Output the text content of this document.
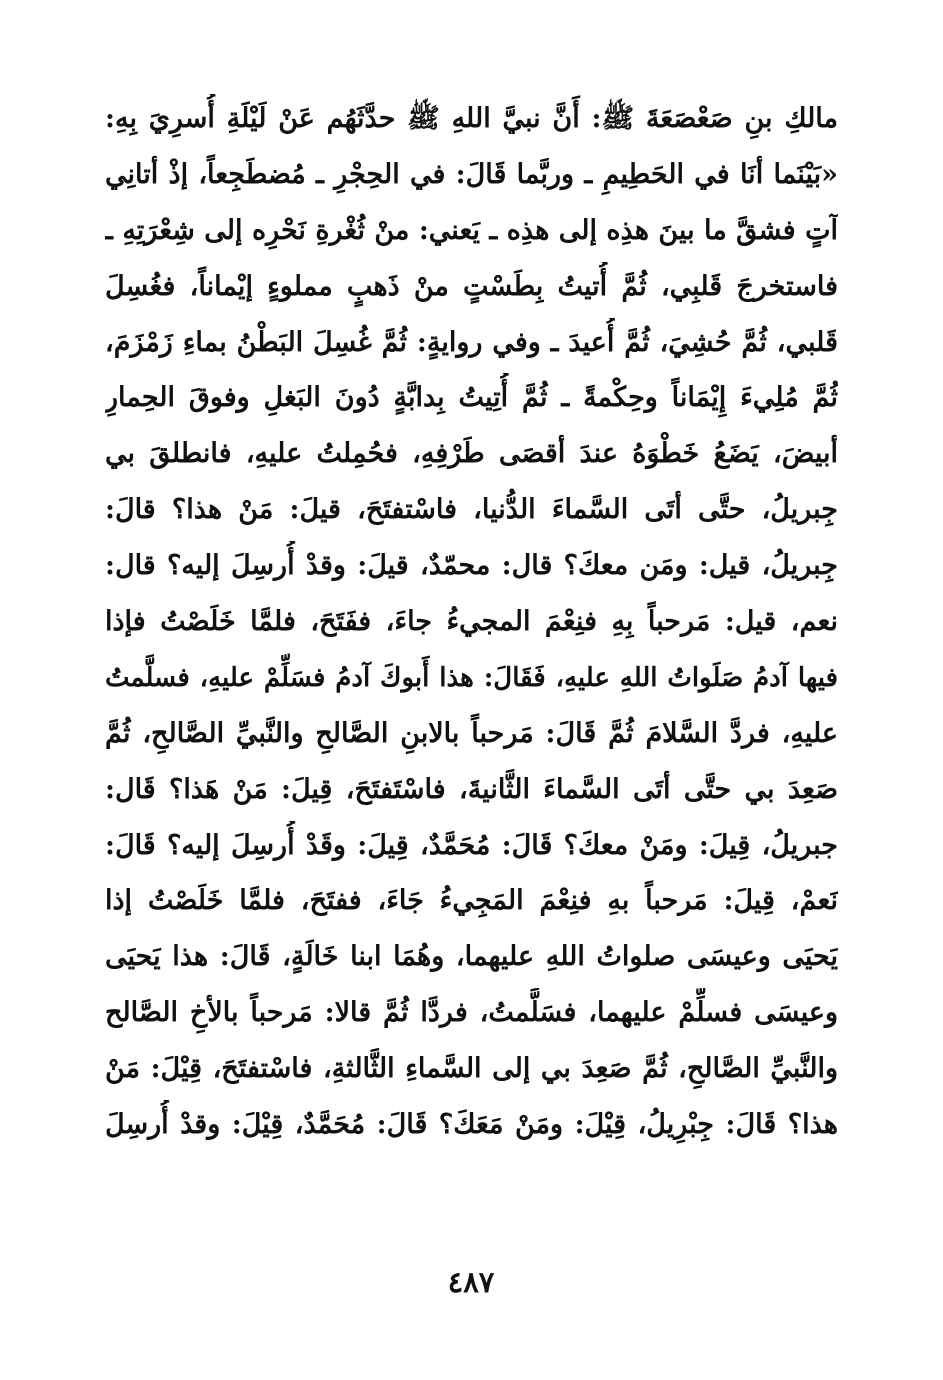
مالكِ بنِ صَعْصَعَةَ ﷺ: أَنَّ نبيَّ اللهِ ﷺ حدَّثَهُم عَنْ لَيْلَةِ أُسرِيَ بِهِ:
«بَيْنَما أنَا في الحَطِيمِ ـ وربَّما قَالَ: في الحِجْرِ ـ مُضطَجِعاً، إذْ أتانِي
آتٍ فشقَّ ما بينَ هذِه إلى هذِه ـ يَعني: منْ ثُغْرةِ نَحْرِه إلى شِعْرَتِهِ ـ
فاستخرجَ قَلبِي، ثُمَّ أُتيتُ بِطَسْتٍ منْ ذَهبٍ مملوءٍ إيْماناً، فغُسِلَ
قَلبي، ثُمَّ حُشِيَ، ثُمَّ أُعيدَ ـ وفي روايةٍ: ثُمَّ غُسِلَ البَطْنُ بماءِ زَمْزَمَ،
ثُمَّ مُلِيءَ إِيْمَاناً وحِكْمةً ـ ثُمَّ أُتِيتُ بِدابَّةٍ دُونَ البَغلِ وفوقَ الحِمارِ
أبيضَ، يَضَعُ خَطْوَهُ عندَ أقصَى طَرْفِهِ، فحُمِلتُ عليهِ، فانطلقَ بي
جِبريلُ، حتَّى أتَى السَّماءَ الدُّنيا، فاسْتفتَحَ، قيلَ: مَنْ هذا؟ قالَ:
جِبريلُ، قيل: ومَن معكَ؟ قال: محمّدٌ، قيلَ: وقدْ أُرسِلَ إليه؟ قال:
نعم، قيل: مَرحباً بِهِ فنِعْمَ المجيءُ جاءَ، ففَتَحَ، فلمَّا خَلَصْتُ فإذا
فيها آدمُ صَلَواتُ اللهِ عليهِ، فَقَالَ: هذا أَبوكَ آدمُ فسَلِّمْ عليهِ، فسلَّمتُ
عليهِ، فردَّ السَّلامَ ثُمَّ قَالَ: مَرحباً بالابنِ الصَّالحِ والنَّبيِّ الصَّالحِ، ثُمَّ
صَعِدَ بي حتَّى أتَى السَّماءَ الثَّانيةَ، فاسْتَفتَحَ، قِيلَ: مَنْ هَذا؟ قَال:
جبريلُ، قِيلَ: ومَنْ معكَ؟ قَالَ: مُحَمَّدٌ، قِيلَ: وقَدْ أُرسِلَ إليه؟ قَالَ:
نَعمْ، قِيلَ: مَرحباً بهِ فنِعْمَ المَجِيءُ جَاءَ، ففتَحَ، فلمَّا خَلَصْتُ إذا
يَحيَى وعيسَى صلواتُ اللهِ عليهما، وهُمَا ابنا خَالَةٍ، قَالَ: هذا يَحيَى
وعيسَى فسلِّمْ عليهما، فسَلَّمتُ، فردَّا ثُمَّ قالا: مَرحباً بالأخِ الصَّالح
والنَّبيِّ الصَّالحِ، ثُمَّ صَعِدَ بي إلى السَّماءِ الثَّالثةِ، فاسْتفتَحَ، قِيْلَ: مَنْ
هذا؟ قَالَ: جِبْرِيلُ، قِيْلَ: ومَنْ مَعَكَ؟ قَالَ: مُحَمَّدٌ، قِيْلَ: وقدْ أُرسِلَ
٤٨٧
